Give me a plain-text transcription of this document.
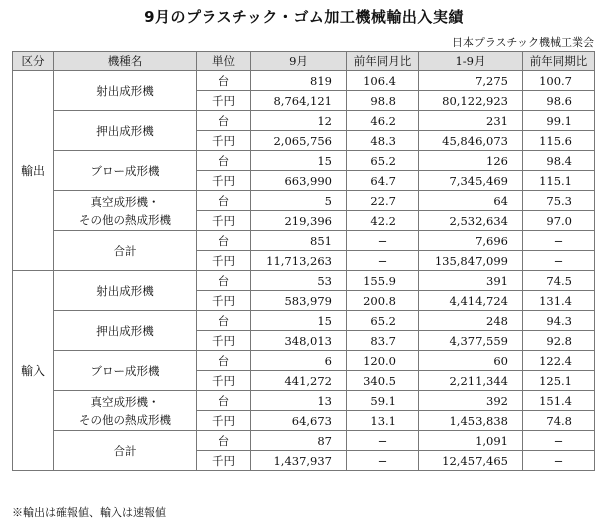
9月のプラスチック・ゴム加工機械輸出入実績
日本プラスチック機械工業会
区分	機種名	単位	9月	前年同月比	1-9月	前年同期比
輸出	射出成形機	台	819	106.4	7,275	100.7
		千円	8,764,121	98.8	80,122,923	98.6

	押出成形機	台	12	46.2	231	99.1
		千円	2,065,756	48.3	45,846,073	115.6

	ブロー成形機	台	15	65.2	126	98.4
		千円	663,990	64.7	7,345,469	115.1

	真空成形機・
その他の熱成形機	台	5	22.7	64	75.3
		千円	219,396	42.2	2,532,634	97.0

	合計	台	851	−	7,696	−
		千円	11,713,263	−	135,847,099	−
輸入	射出成形機	台	53	155.9	391	74.5
		千円	583,979	200.8	4,414,724	131.4

	押出成形機	台	15	65.2	248	94.3
		千円	348,013	83.7	4,377,559	92.8

	ブロー成形機	台	6	120.0	60	122.4
		千円	441,272	340.5	2,211,344	125.1

	真空成形機・
その他の熱成形機	台	13	59.1	392	151.4
		千円	64,673	13.1	1,453,838	74.8

	合計	台	87	−	1,091	−
		千円	1,437,937	−	12,457,465	−
※輸出は確報値、輸入は速報値
